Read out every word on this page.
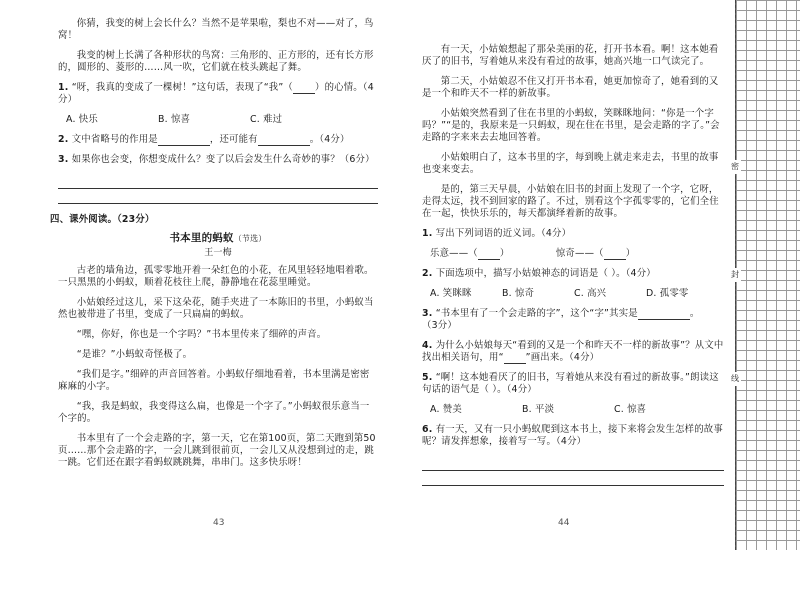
你猜，我变的树上会长什么？当然不是苹果啦，梨也不对——对了，鸟窝！

我变的树上长满了各种形状的鸟窝：三角形的、正方形的，还有长方形的，圆形的、菱形的……风一吹，它们就在枝头跳起了舞。

1. “呀，我真的变成了一棵树！”这句话，表现了“我”（ ）的心情。（4分）
A. 快乐	B. 惊喜	C. 难过
2. 文中省略号的作用是	，还可能有	。（4分）
3. 如果你也会变，你想变成什么？变了以后会发生什么奇妙的事？（6分）
四、课外阅读。（23分）
书本里的蚂蚁（节选）
王一梅

古老的墙角边，孤零零地开着一朵红色的小花，在风里轻轻地唱着歌。一只黑黑的小蚂蚁，顺着花枝往上爬，静静地在花蕊里睡觉。

小姑娘经过这儿，采下这朵花，随手夹进了一本陈旧的书里，小蚂蚁当然也被带进了书里，变成了一只扁扁的蚂蚁。

“嘿，你好，你也是一个字吗？”书本里传来了细碎的声音。

“是谁？”小蚂蚁奇怪极了。

“我们是字。”细碎的声音回答着。小蚂蚁仔细地看着，书本里满是密密麻麻的小字。

“我，我是蚂蚁，我变得这么扁，也像是一个字了。”小蚂蚁很乐意当一个字的。

书本里有了一个会走路的字，第一天，它在第100页，第二天跑到第50页……那个会走路的字，一会儿跳到很前页，一会儿又从没想到过的走，跳一跳。它们还在跟字看蚂蚁跳跳舞，串串门。这多快乐呀！

43

有一天，小姑娘想起了那朵美丽的花，打开书本看。啊！这本她看厌了的旧书，写着她从来没有看过的故事，她高兴地一口气读完了。

第二天，小姑娘忍不住又打开书本看，她更加惊奇了，她看到的又是一个和昨天不一样的新故事。

小姑娘突然看到了住在书里的小蚂蚁，笑眯眯地问：“你是一个字吗？”“是的，我原来是一只蚂蚁，现在住在书里，是会走路的字了。”会走路的字来来去去地回答着。

小姑娘明白了，这本书里的字，每到晚上就走来走去，书里的故事也变来变去。

是的，第三天早晨，小姑娘在旧书的封面上发现了一个字，它呀，走得太远，找不到回家的路了。不过，别看这个字孤零零的，它们全住在一起，快快乐乐的，每天都演绎着新的故事。

1. 写出下列词语的近义词。（4分）
乐意——（ ）	惊奇——（ ）
2. 下面选项中，描写小姑娘神态的词语是（ ）。（4分）
A. 笑眯眯	B. 惊奇	C. 高兴	D. 孤零零
3. “书本里有了一个会走路的字”，这个“字”其实是	。
（3分）
4. 为什么小姑娘每天“看到的又是一个和昨天不一样的新故事”？从文中找出相关语句，用“ ”画出来。（4分）
5. “啊！这本她看厌了的旧书，写着她从来没有看过的新故事。”朗读这句话的语气是（ ）。（4分）
A. 赞美	B. 平淡	C. 惊喜
6. 有一天，又有一只小蚂蚁爬到这本书上，接下来将会发生怎样的故事呢？请发挥想象，接着写一写。（4分）
44
密
封
线
